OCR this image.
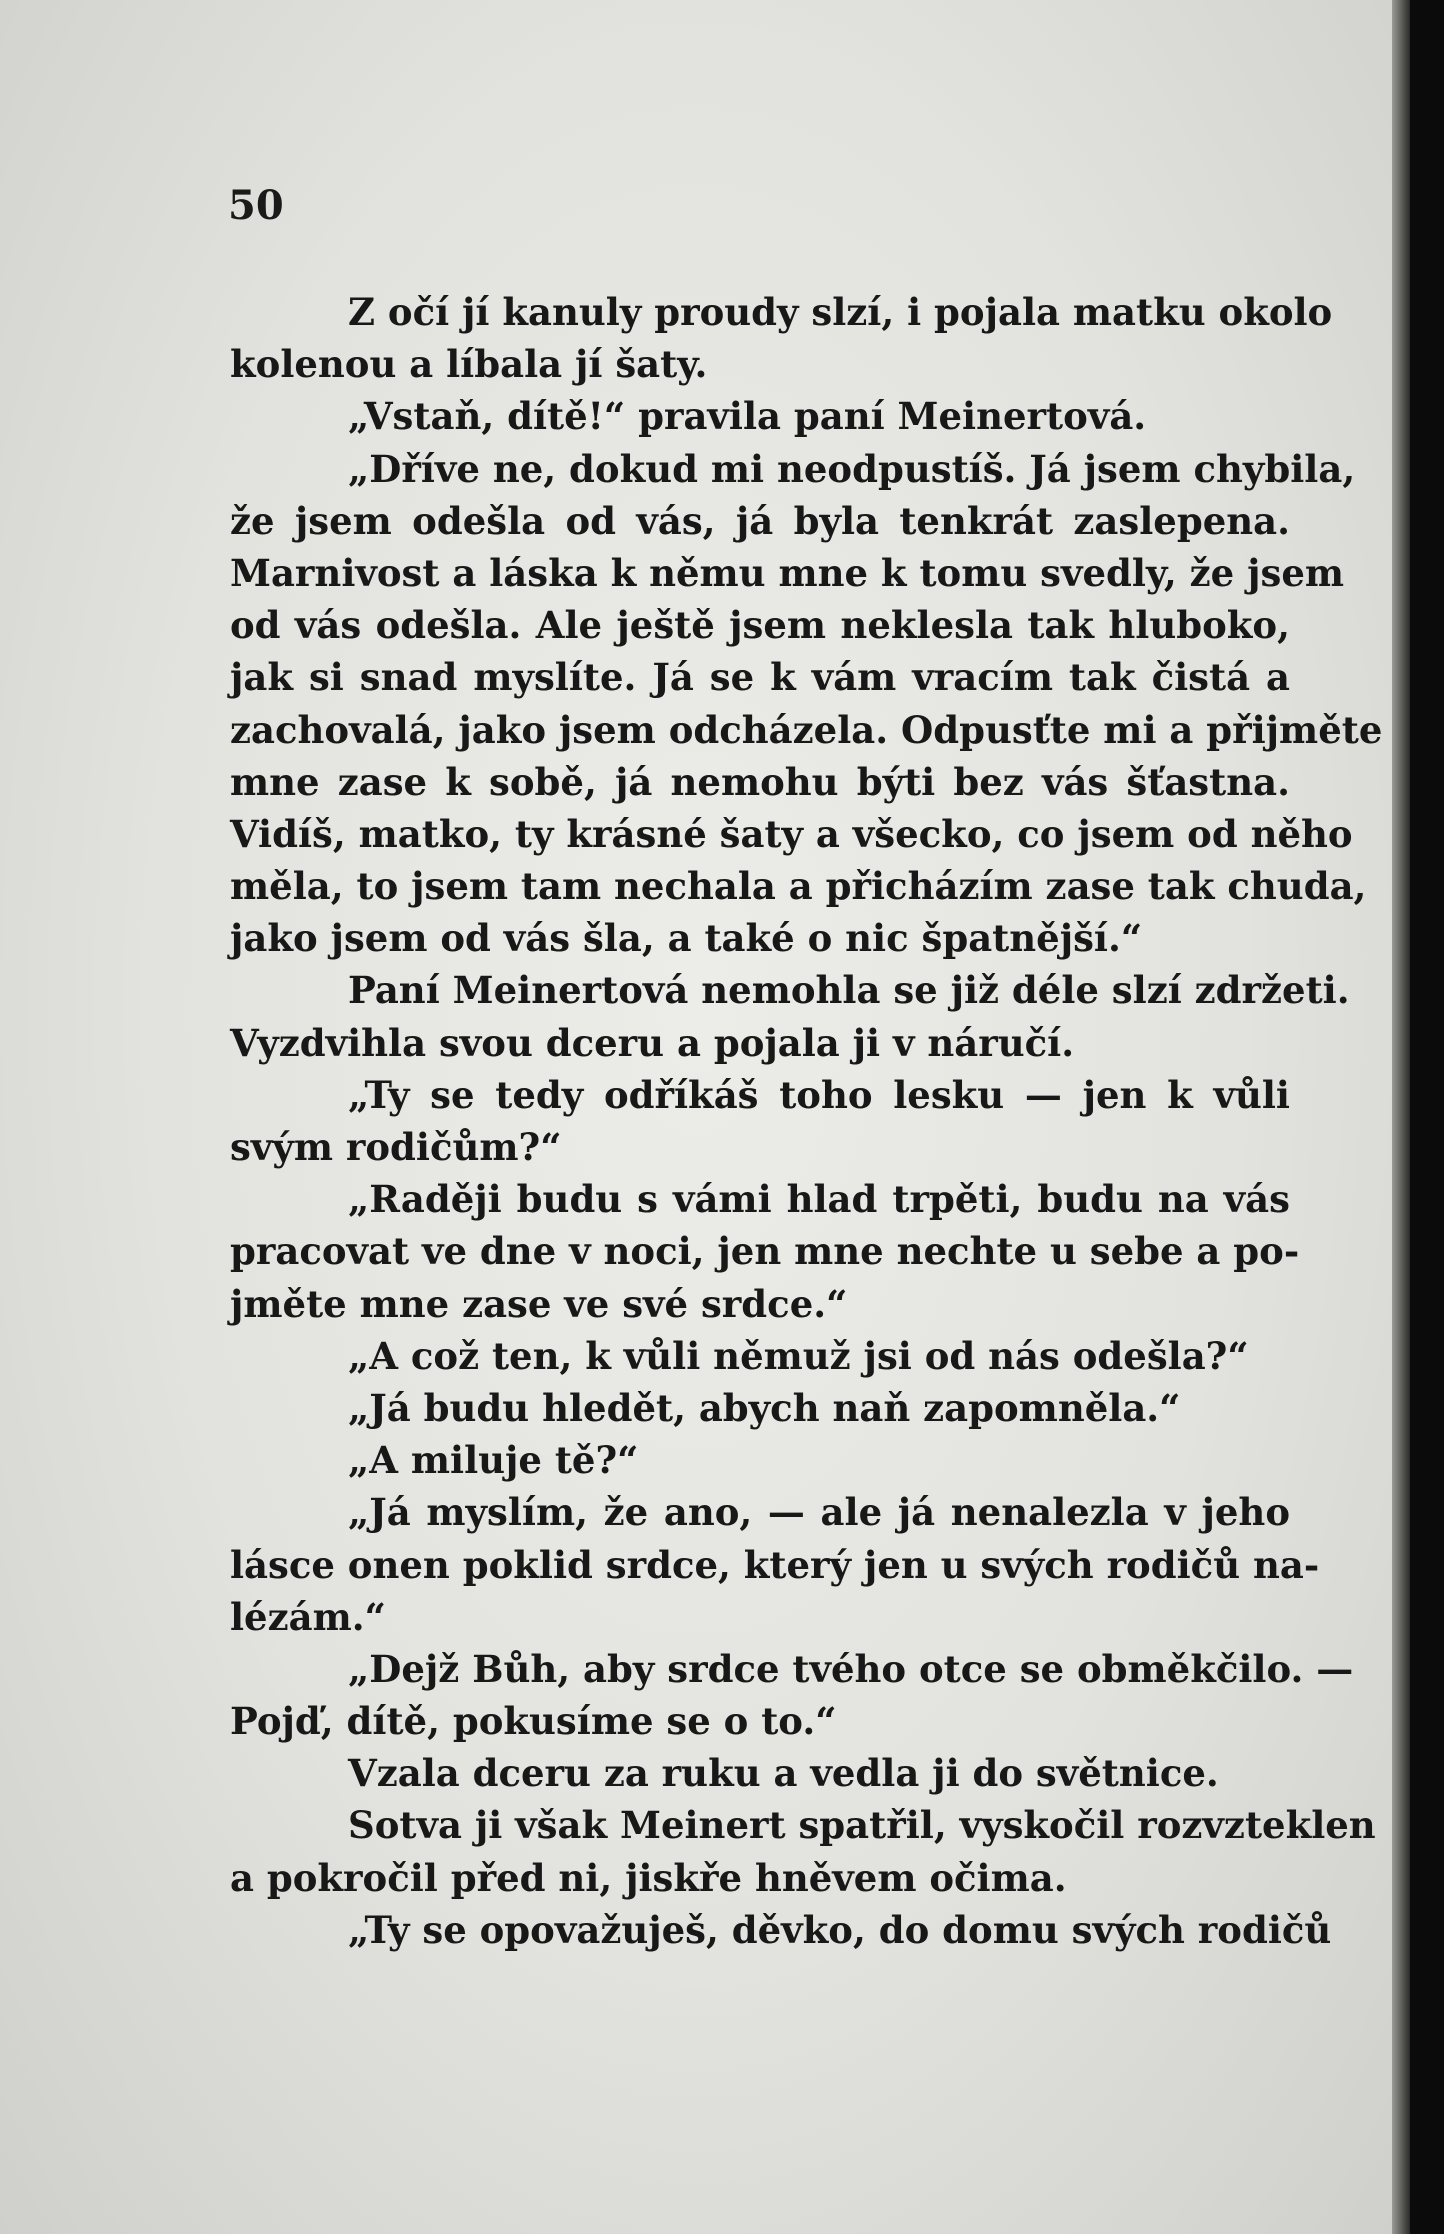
50
Z očí jí kanuly proudy slzí, i pojala matku okolo
kolenou a líbala jí šaty.
„Vstaň, dítě!“ pravila paní Meinertová.
„Dříve ne, dokud mi neodpustíš. Já jsem chybila,
že jsem odešla od vás, já byla tenkrát zaslepena.
Marnivost a láska k němu mne k tomu svedly, že jsem
od vás odešla. Ale ještě jsem neklesla tak hluboko,
jak si snad myslíte. Já se k vám vracím tak čistá a
zachovalá, jako jsem odcházela. Odpusťte mi a přijměte
mne zase k sobě, já nemohu býti bez vás šťastna.
Vidíš, matko, ty krásné šaty a všecko, co jsem od něho
měla, to jsem tam nechala a přicházím zase tak chuda,
jako jsem od vás šla, a také o nic špatnější.“
Paní Meinertová nemohla se již déle slzí zdržeti.
Vyzdvihla svou dceru a pojala ji v náručí.
„Ty se tedy odříkáš toho lesku — jen k vůli
svým rodičům?“
„Raději budu s vámi hlad trpěti, budu na vás
pracovat ve dne v noci, jen mne nechte u sebe a po-
jměte mne zase ve své srdce.“
„A což ten, k vůli němuž jsi od nás odešla?“
„Já budu hledět, abych naň zapomněla.“
„A miluje tě?“
„Já myslím, že ano, — ale já nenalezla v jeho
lásce onen poklid srdce, který jen u svých rodičů na-
lézám.“
„Dejž Bůh, aby srdce tvého otce se obměkčilo. —
Pojď, dítě, pokusíme se o to.“
Vzala dceru za ruku a vedla ji do světnice.
Sotva ji však Meinert spatřil, vyskočil rozvzteklen
a pokročil před ni, jiskře hněvem očima.
„Ty se opovažuješ, děvko, do domu svých rodičů
